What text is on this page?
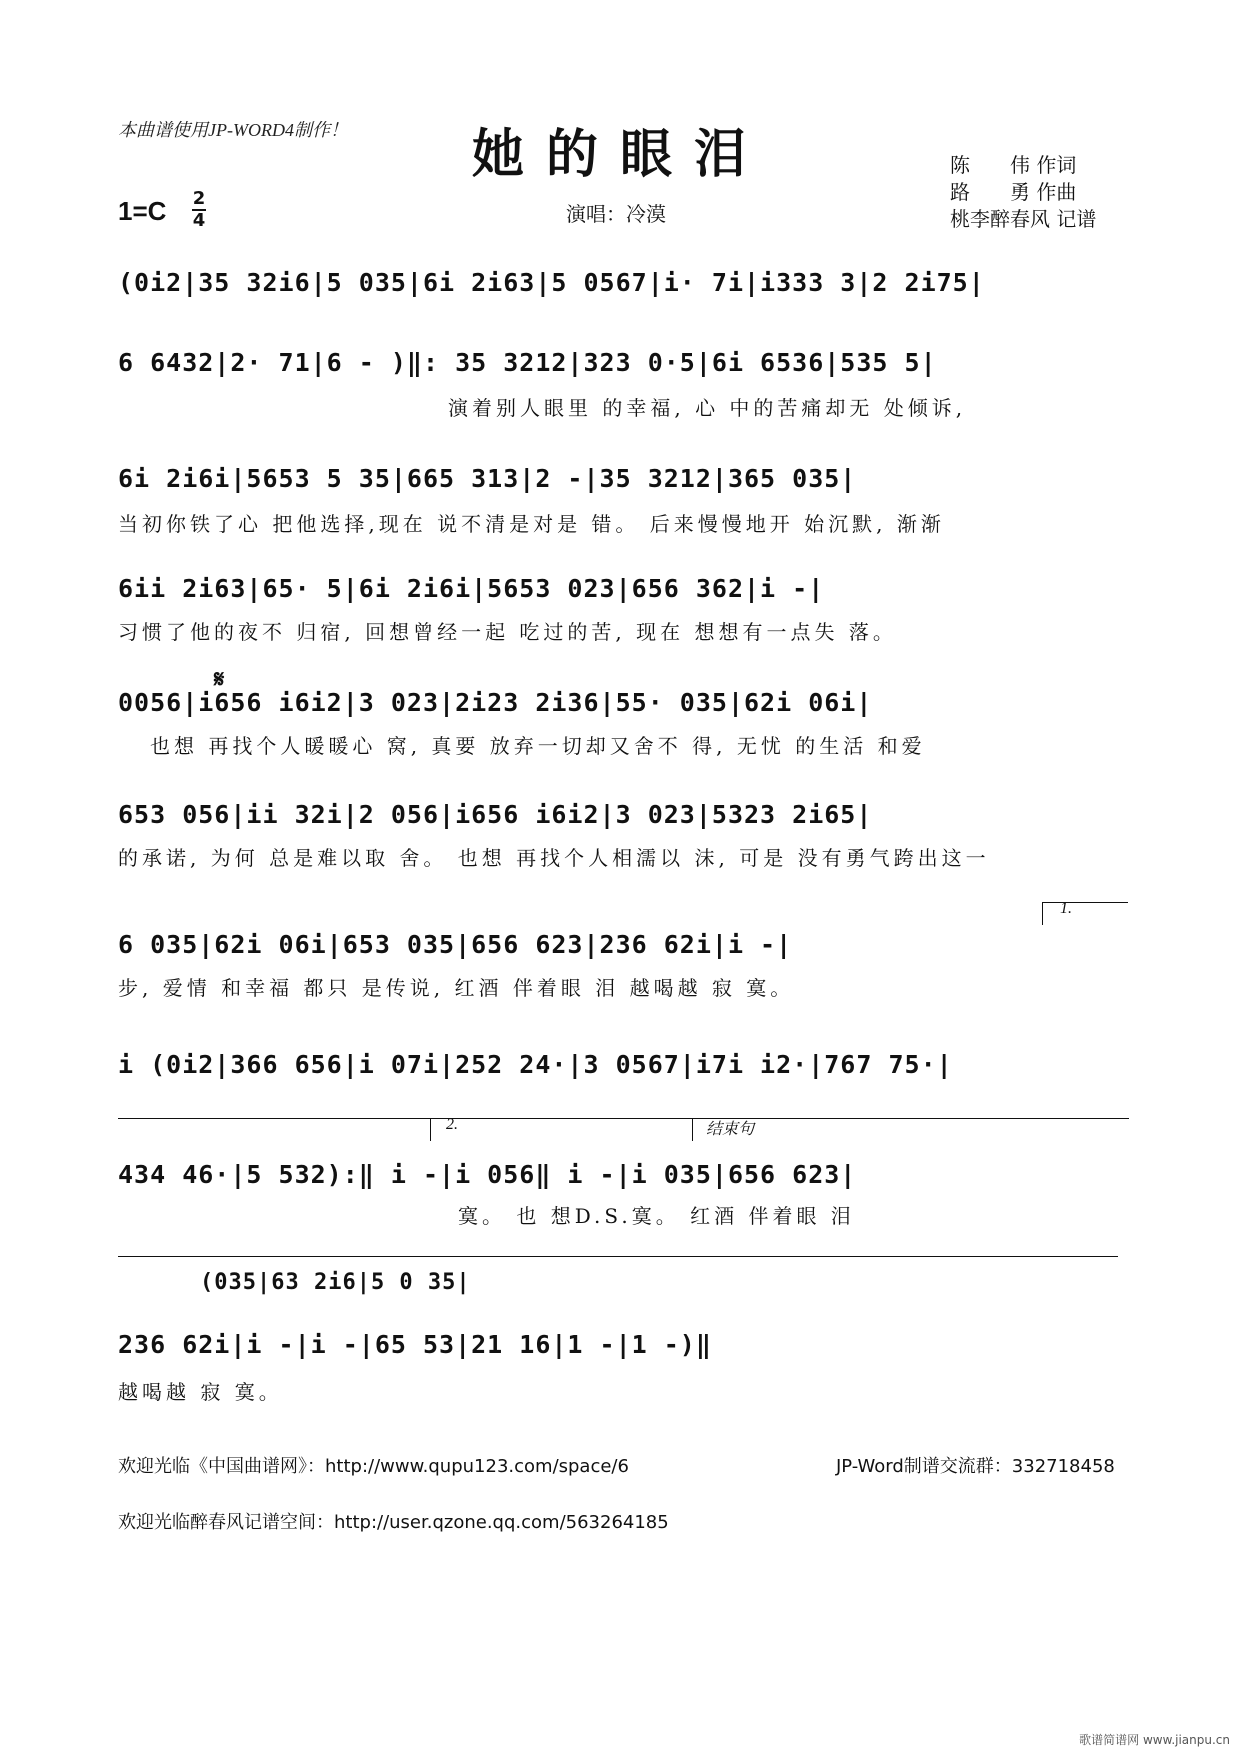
本曲谱使用JP-WORD4制作！	她的眼泪
1=C 2
4	演唱：冷漠
陈　　伟 作词
路　　勇 作曲
桃李醉春风 记谱
(0i2|35 32i6|5 035|6i 2i63|5 0567|i· 7i|i333 3|2 2i75|
6 6432|2· 71|6 - )‖: 35 3212|323 0·5|6i 6536|535 5|
演着别人眼里 的幸福, 心 中的苦痛却无 处倾诉,
6i 2i6i|5653 5 35|665 313|2 -|35 3212|365 035|
当初你铁了心 把他选择,现在 说不清是对是 错。 后来慢慢地开 始沉默, 渐渐
6ii 2i63|65· 5|6i 2i6i|5653 023|656 362|i -|
习惯了他的夜不 归宿, 回想曾经一起 吃过的苦, 现在 想想有一点失 落。
𝄋
0056|i656 i6i2|3 023|2i23 2i36|55· 035|62i 06i|
也想 再找个人暖暖心 窝, 真要 放弃一切却又舍不 得, 无忧 的生活 和爱
653 056|ii 32i|2 056|i656 i6i2|3 023|5323 2i65|
的承诺, 为何 总是难以取 舍。 也想 再找个人相濡以 沫, 可是 没有勇气跨出这一
1.
6 035|62i 06i|653 035|656 623|236 62i|i -|
步, 爱情 和幸福 都只 是传说, 红酒 伴着眼 泪 越喝越 寂 寞。
i (0i2|366 656|i 07i|252 24·|3 0567|i7i i2·|767 75·|
2.	结束句
434 46·|5 532):‖ i -|i 056‖ i -|i 035|656 623|
寞。 也 想D.S.寞。 红酒 伴着眼 泪
(035|63 2i6|5 0 35|
236 62i|i -|i -|65 53|21 16|1 -|1 -)‖
越喝越 寂 寞。
欢迎光临《中国曲谱网》：http://www.qupu123.com/space/6	JP-Word制谱交流群：332718458
欢迎光临醉春风记谱空间：http://user.qzone.qq.com/563264185
歌谱简谱网 www.jianpu.cn
